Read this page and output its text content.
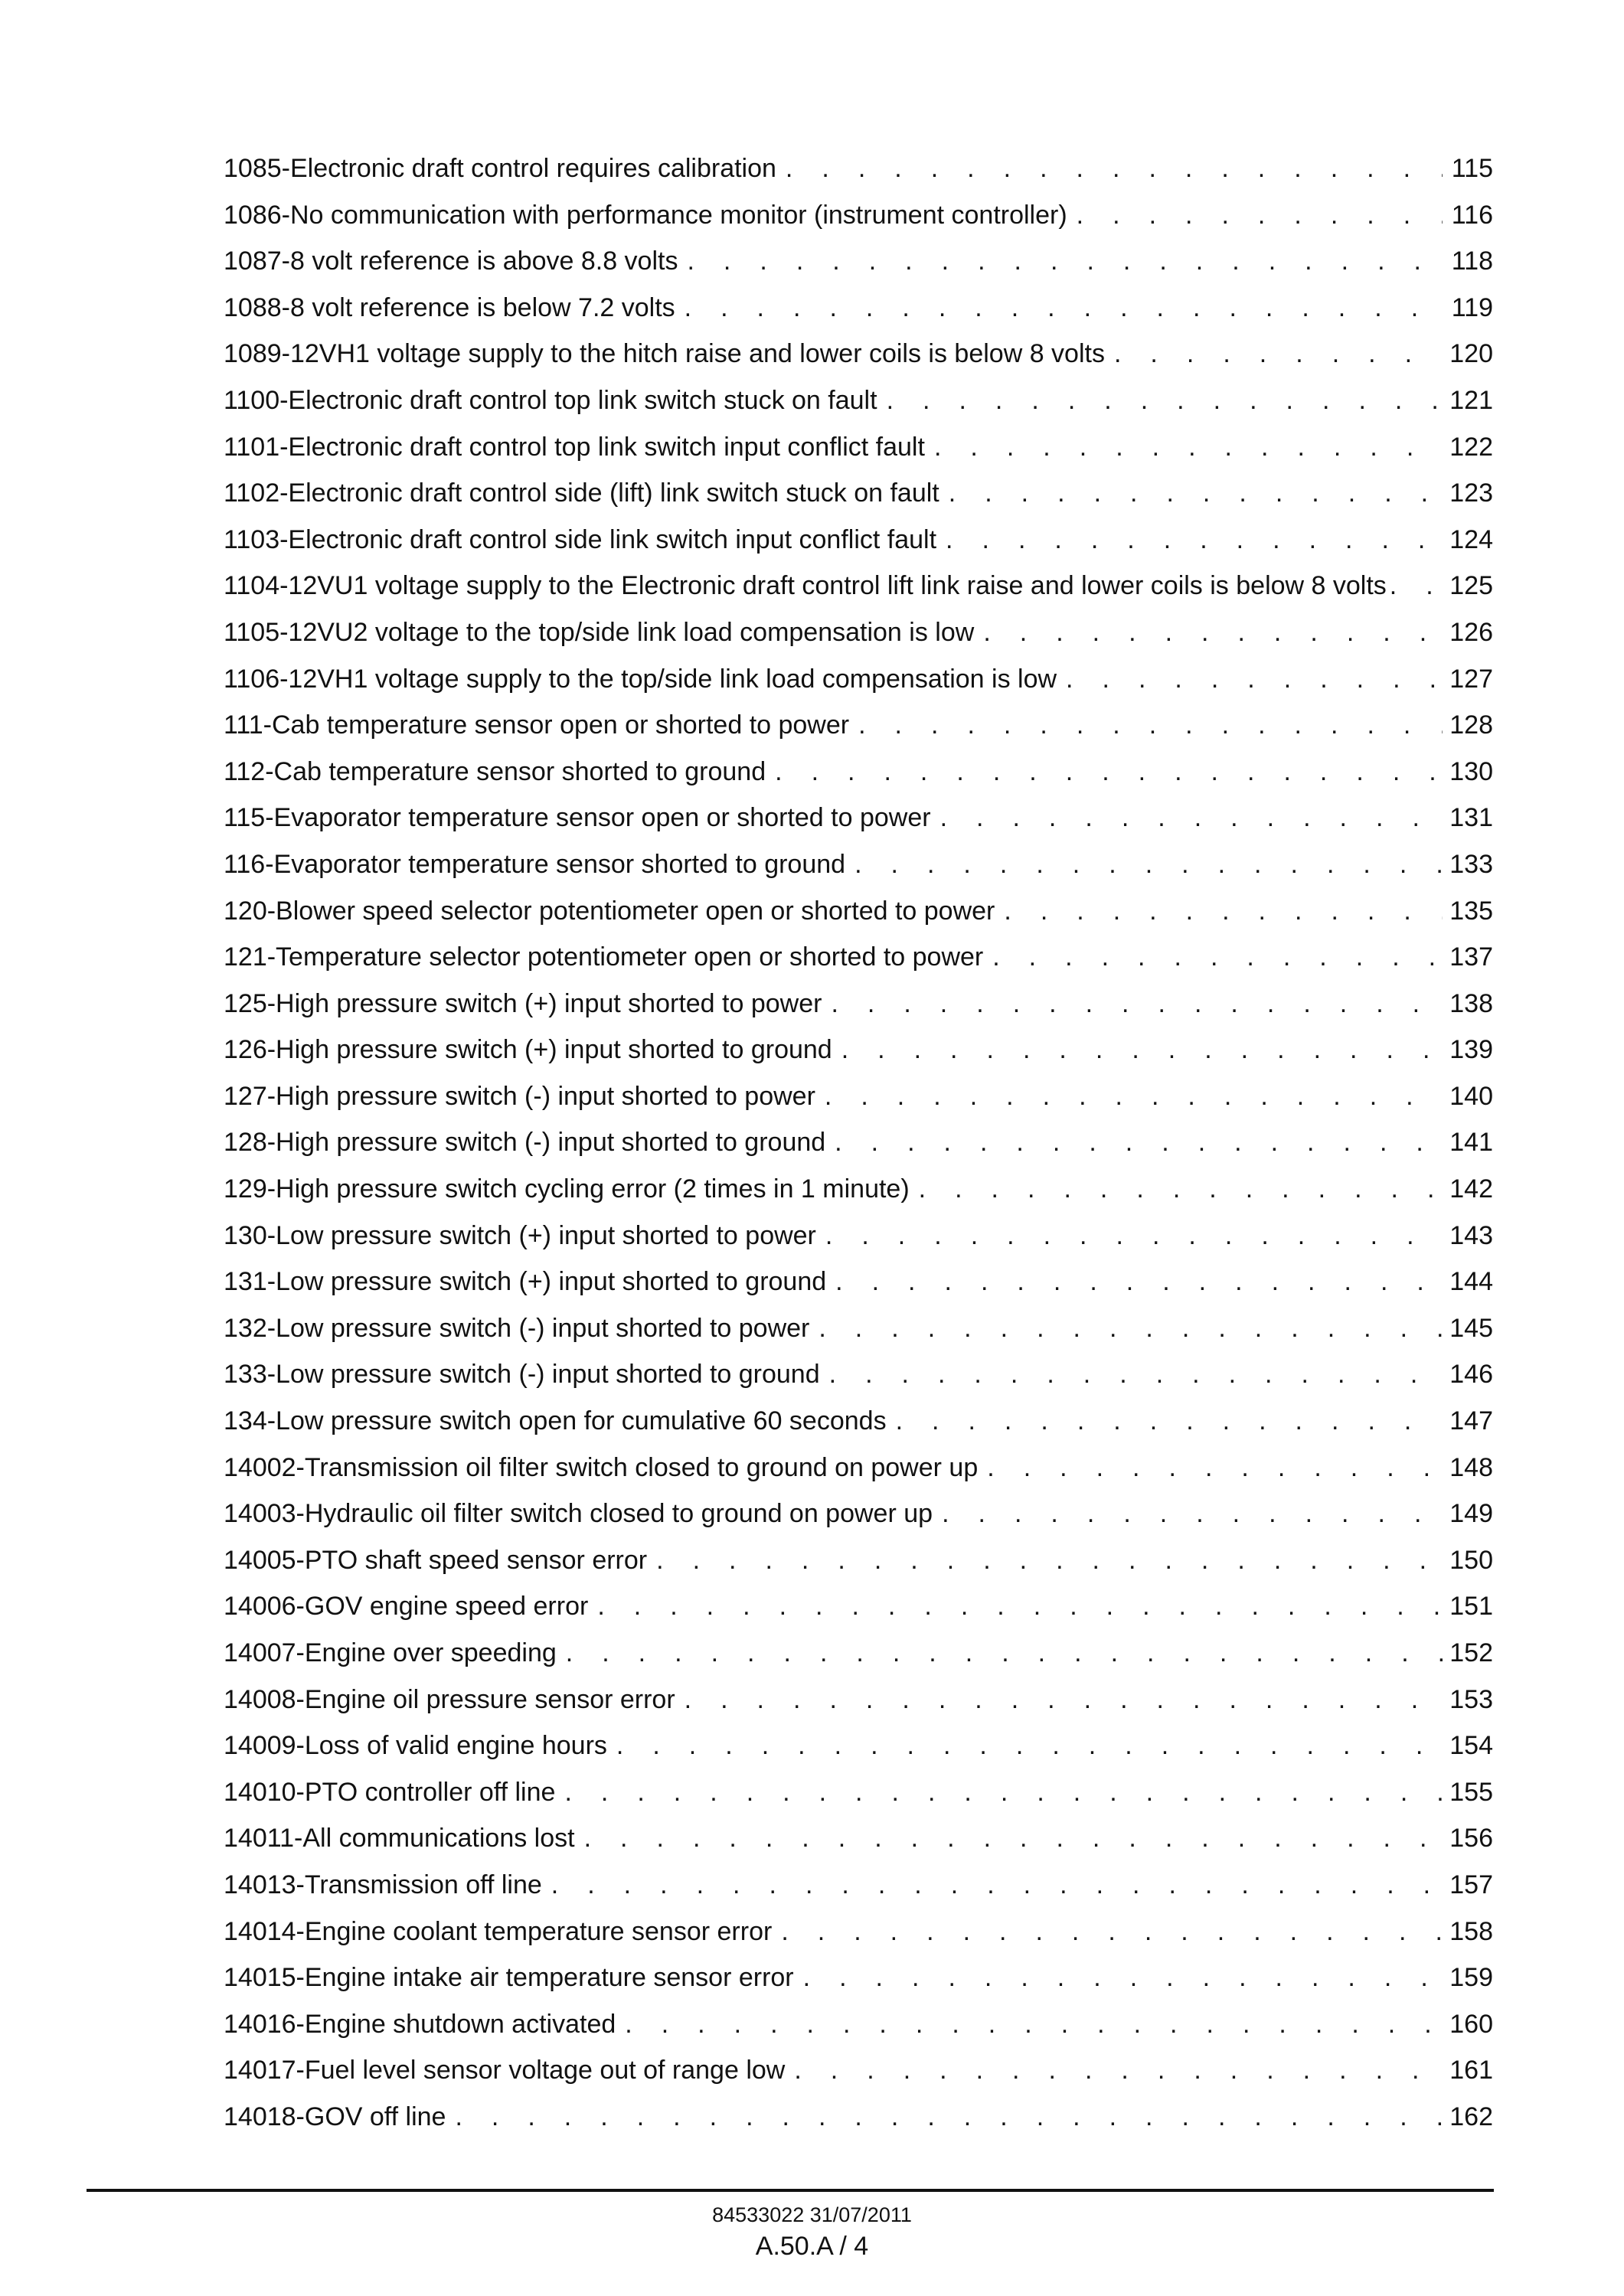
1085-Electronic draft control requires calibration . . .	115
1086-No communication with performance monitor (instrument controller) . . .	116
1087-8 volt reference is above 8.8 volts . . .	118
1088-8 volt reference is below 7.2 volts . . .	119
1089-12VH1 voltage supply to the hitch raise and lower coils is below 8 volts . . .	120
1100-Electronic draft control top link switch stuck on fault . . .	121
1101-Electronic draft control top link switch input conflict fault . . .	122
1102-Electronic draft control side (lift) link switch stuck on fault . . .	123
1103-Electronic draft control side link switch input conflict fault . . .	124
1104-12VU1 voltage supply to the Electronic draft control lift link raise and lower coils is below 8 volts . . . 125
1105-12VU2 voltage to the top/side link load compensation is low . . .	126
1106-12VH1 voltage supply to the top/side link load compensation is low . . .	127
111-Cab temperature sensor open or shorted to power . . .	128
112-Cab temperature sensor shorted to ground . . .	130
115-Evaporator temperature sensor open or shorted to power . . .	131
116-Evaporator temperature sensor shorted to ground . . .	133
120-Blower speed selector potentiometer open or shorted to power . . .	135
121-Temperature selector potentiometer open or shorted to power . . .	137
125-High pressure switch (+) input shorted to power . . .	138
126-High pressure switch (+) input shorted to ground . . .	139
127-High pressure switch (-) input shorted to power . . .	140
128-High pressure switch (-) input shorted to ground . . .	141
129-High pressure switch cycling error (2 times in 1 minute) . . .	142
130-Low pressure switch (+) input shorted to power . . .	143
131-Low pressure switch (+) input shorted to ground . . .	144
132-Low pressure switch (-) input shorted to power . . .	145
133-Low pressure switch (-) input shorted to ground . . .	146
134-Low pressure switch open for cumulative 60 seconds . . .	147
14002-Transmission oil filter switch closed to ground on power up . . .	148
14003-Hydraulic oil filter switch closed to ground on power up . . .	149
14005-PTO shaft speed sensor error . . .	150
14006-GOV engine speed error . . .	151
14007-Engine over speeding . . .	152
14008-Engine oil pressure sensor error . . .	153
14009-Loss of valid engine hours . . .	154
14010-PTO controller off line . . .	155
14011-All communications lost . . .	156
14013-Transmission off line . . .	157
14014-Engine coolant temperature sensor error . . .	158
14015-Engine intake air temperature sensor error . . .	159
14016-Engine shutdown activated . . .	160
14017-Fuel level sensor voltage out of range low . . .	161
14018-GOV off line . . .	162
84533022 31/07/2011
A.50.A / 4
